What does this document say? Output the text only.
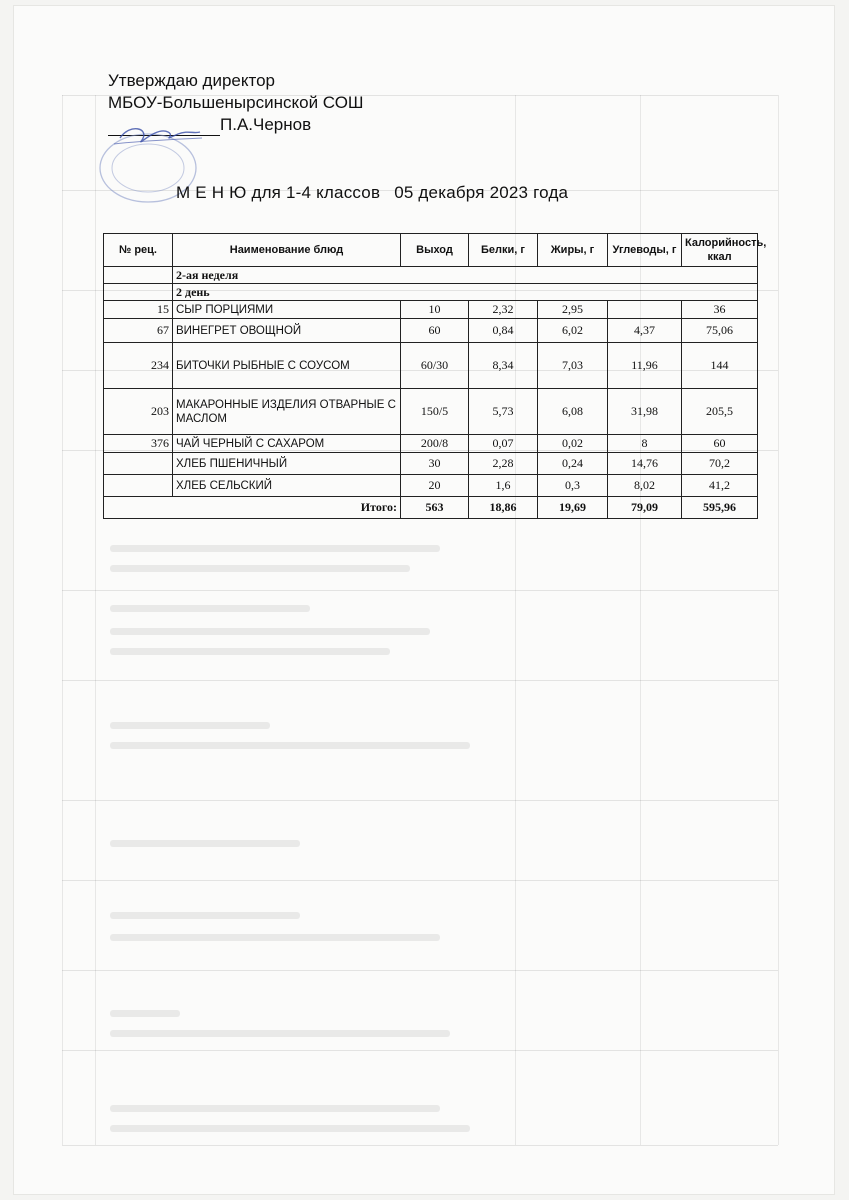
Утверждаю директор
МБОУ-Большенырсинской СОШ
П.А.Чернов
М Е Н Ю для 1-4 классов 05 декабря 2023 года
№ рец.	Наименование блюд	Выход	Белки, г	Жиры, г	Углеводы, г	Калорийность, ккал
	2-ая неделя					
	2 день					
15	СЫР ПОРЦИЯМИ	10	2,32	2,95		36
67	ВИНЕГРЕТ ОВОЩНОЙ	60	0,84	6,02	4,37	75,06
234	БИТОЧКИ РЫБНЫЕ С СОУСОМ	60/30	8,34	7,03	11,96	144
203	МАКАРОННЫЕ ИЗДЕЛИЯ ОТВАРНЫЕ С МАСЛОМ	150/5	5,73	6,08	31,98	205,5
376	ЧАЙ ЧЕРНЫЙ С САХАРОМ	200/8	0,07	0,02	8	60
	ХЛЕБ ПШЕНИЧНЫЙ	30	2,28	0,24	14,76	70,2
	ХЛЕБ СЕЛЬСКИЙ	20	1,6	0,3	8,02	41,2
Итого:		563	18,86	19,69	79,09	595,96
